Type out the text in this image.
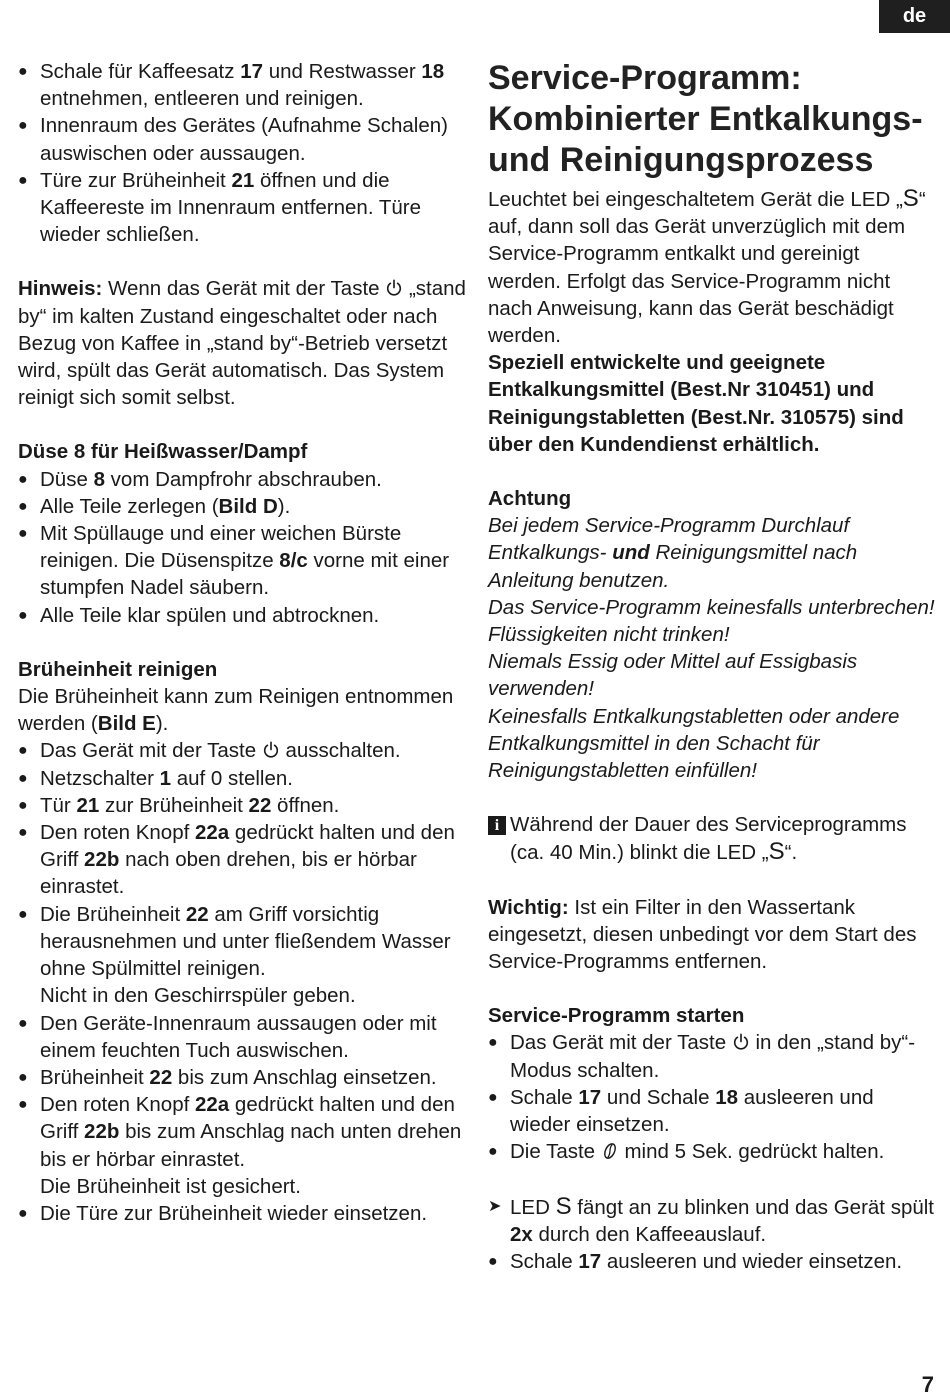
de
● Schale für Kaffeesatz 17 und Restwasser 18 entnehmen, entleeren und reinigen.
● Innenraum des Gerätes (Aufnahme Schalen) auswischen oder aussaugen.
● Türe zur Brüheinheit 21 öffnen und die Kaffeereste im Innenraum entfernen. Türe wieder schließen.

Hinweis: Wenn das Gerät mit der Taste  „stand by“ im kalten Zustand eingeschaltet oder nach Bezug von Kaffee in „stand by“-Betrieb versetzt wird, spült das Gerät automatisch. Das System reinigt sich somit selbst.

Düse 8 für Heißwasser/Dampf

● Düse 8 vom Dampfrohr abschrauben.
● Alle Teile zerlegen (Bild D).
● Mit Spüllauge und einer weichen Bürste reinigen. Die Düsenspitze 8/c vorne mit einer stumpfen Nadel säubern.
● Alle Teile klar spülen und abtrocknen.

Brüheinheit reinigen

Die Brüheinheit kann zum Reinigen entnommen werden (Bild E).

● Das Gerät mit der Taste  ausschalten.
● Netzschalter 1 auf 0 stellen.
● Tür 21 zur Brüheinheit 22 öffnen.
● Den roten Knopf 22a gedrückt halten und den Griff 22b nach oben drehen, bis er hörbar einrastet.
● Die Brüheinheit 22 am Griff vorsichtig herausnehmen und unter fließendem Wasser ohne Spülmittel reinigen.
Nicht in den Geschirrspüler geben.
● Den Geräte-Innenraum aussaugen oder mit einem feuchten Tuch auswischen.
● Brüheinheit 22 bis zum Anschlag einsetzen.
● Den roten Knopf 22a gedrückt halten und den Griff 22b bis zum Anschlag nach unten drehen bis er hörbar einrastet.
Die Brüheinheit ist gesichert.
● Die Türe zur Brüheinheit wieder einsetzen.

Service-Programm: Kombinierter Entkalkungs- und Reinigungsprozess

Leuchtet bei eingeschaltetem Gerät die LED „S“ auf, dann soll das Gerät unverzüglich mit dem Service-Programm entkalkt und gereinigt werden. Erfolgt das Service-Programm nicht nach Anweisung, kann das Gerät beschädigt werden.

Speziell entwickelte und geeignete Entkalkungsmittel (Best.Nr 310451) und Reinigungstabletten (Best.Nr. 310575) sind über den Kundendienst erhältlich.

Achtung

Bei jedem Service-Programm Durchlauf Entkalkungs- und Reinigungsmittel nach Anleitung benutzen.

Das Service-Programm keinesfalls unterbrechen!

Flüssigkeiten nicht trinken!

Niemals Essig oder Mittel auf Essigbasis verwenden!

Keinesfalls Entkalkungstabletten oder andere Entkalkungsmittel in den Schacht für Reinigungstabletten einfüllen!

i Während der Dauer des Serviceprogramms (ca. 40 Min.) blinkt die LED „S“.

Wichtig: Ist ein Filter in den Wassertank eingesetzt, diesen unbedingt vor dem Start des Service-Programms entfernen.

Service-Programm starten

● Das Gerät mit der Taste  in den „stand by“-Modus schalten.
● Schale 17 und Schale 18 ausleeren und wieder einsetzen.
● Die Taste  mind 5 Sek. gedrückt halten.
➤ LED S fängt an zu blinken und das Gerät spült 2x durch den Kaffeeauslauf.
● Schale 17 ausleeren und wieder einsetzen.
7
